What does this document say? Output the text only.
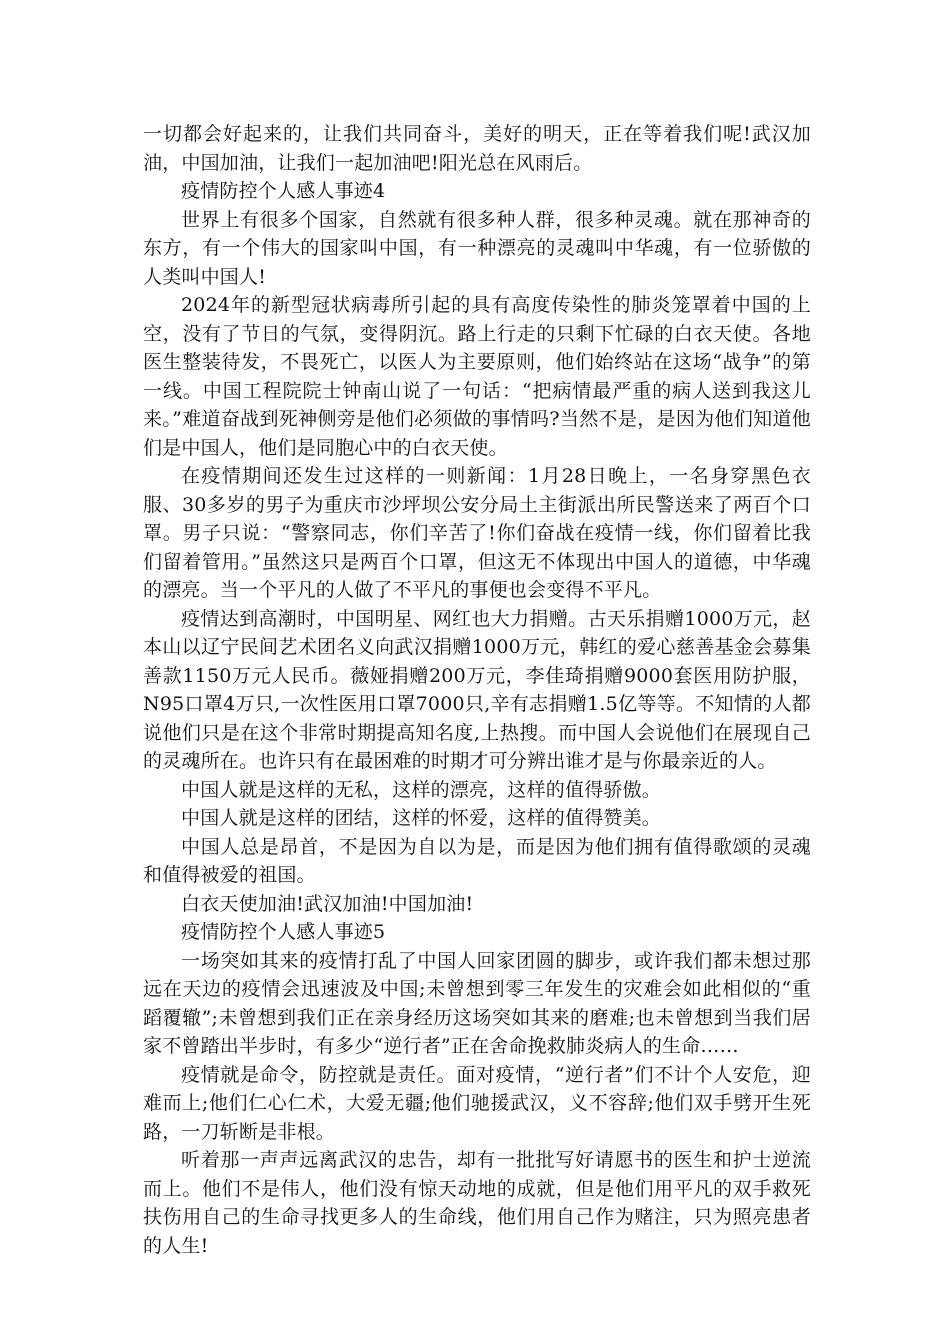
一切都会好起来的，让我们共同奋斗，美好的明天，正在等着我们呢!武汉加油，中国加油，让我们一起加油吧!阳光总在风雨后。

疫情防控个人感人事迹4

世界上有很多个国家，自然就有很多种人群，很多种灵魂。就在那神奇的东方，有一个伟大的国家叫中国，有一种漂亮的灵魂叫中华魂，有一位骄傲的人类叫中国人!

2024年的新型冠状病毒所引起的具有高度传染性的肺炎笼罩着中国的上空，没有了节日的气氛，变得阴沉。路上行走的只剩下忙碌的白衣天使。各地医生整装待发，不畏死亡，以医人为主要原则，他们始终站在这场“战争”的第一线。中国工程院院士钟南山说了一句话：“把病情最严重的病人送到我这儿来。”难道奋战到死神侧旁是他们必须做的事情吗?当然不是，是因为他们知道他们是中国人，他们是同胞心中的白衣天使。

在疫情期间还发生过这样的一则新闻：1月28日晚上，一名身穿黑色衣服、30多岁的男子为重庆市沙坪坝公安分局土主街派出所民警送来了两百个口罩。男子只说：“警察同志，你们辛苦了!你们奋战在疫情一线，你们留着比我们留着管用。”虽然这只是两百个口罩，但这无不体现出中国人的道德，中华魂的漂亮。当一个平凡的人做了不平凡的事便也会变得不平凡。

疫情达到高潮时，中国明星、网红也大力捐赠。古天乐捐赠1000万元，赵本山以辽宁民间艺术团名义向武汉捐赠1000万元，韩红的爱心慈善基金会募集善款1150万元人民币。薇娅捐赠200万元，李佳琦捐赠9000套医用防护服，N95口罩4万只,一次性医用口罩7000只,辛有志捐赠1.5亿等等。不知情的人都说他们只是在这个非常时期提高知名度,上热搜。而中国人会说他们在展现自己的灵魂所在。也许只有在最困难的时期才可分辨出谁才是与你最亲近的人。

中国人就是这样的无私，这样的漂亮，这样的值得骄傲。

中国人就是这样的团结，这样的怀爱，这样的值得赞美。

中国人总是昂首，不是因为自以为是，而是因为他们拥有值得歌颂的灵魂和值得被爱的祖国。

白衣天使加油!武汉加油!中国加油!

疫情防控个人感人事迹5

一场突如其来的疫情打乱了中国人回家团圆的脚步，或许我们都未想过那远在天边的疫情会迅速波及中国;未曾想到零三年发生的灾难会如此相似的“重蹈覆辙”;未曾想到我们正在亲身经历这场突如其来的磨难;也未曾想到当我们居家不曾踏出半步时，有多少“逆行者”正在舍命挽救肺炎病人的生命……

疫情就是命令，防控就是责任。面对疫情，“逆行者”们不计个人安危，迎难而上;他们仁心仁术，大爱无疆;他们驰援武汉，义不容辞;他们双手劈开生死路，一刀斩断是非根。

听着那一声声远离武汉的忠告，却有一批批写好请愿书的医生和护士逆流而上。他们不是伟人，他们没有惊天动地的成就，但是他们用平凡的双手救死扶伤用自己的生命寻找更多人的生命线，他们用自己作为赌注，只为照亮患者的人生!
